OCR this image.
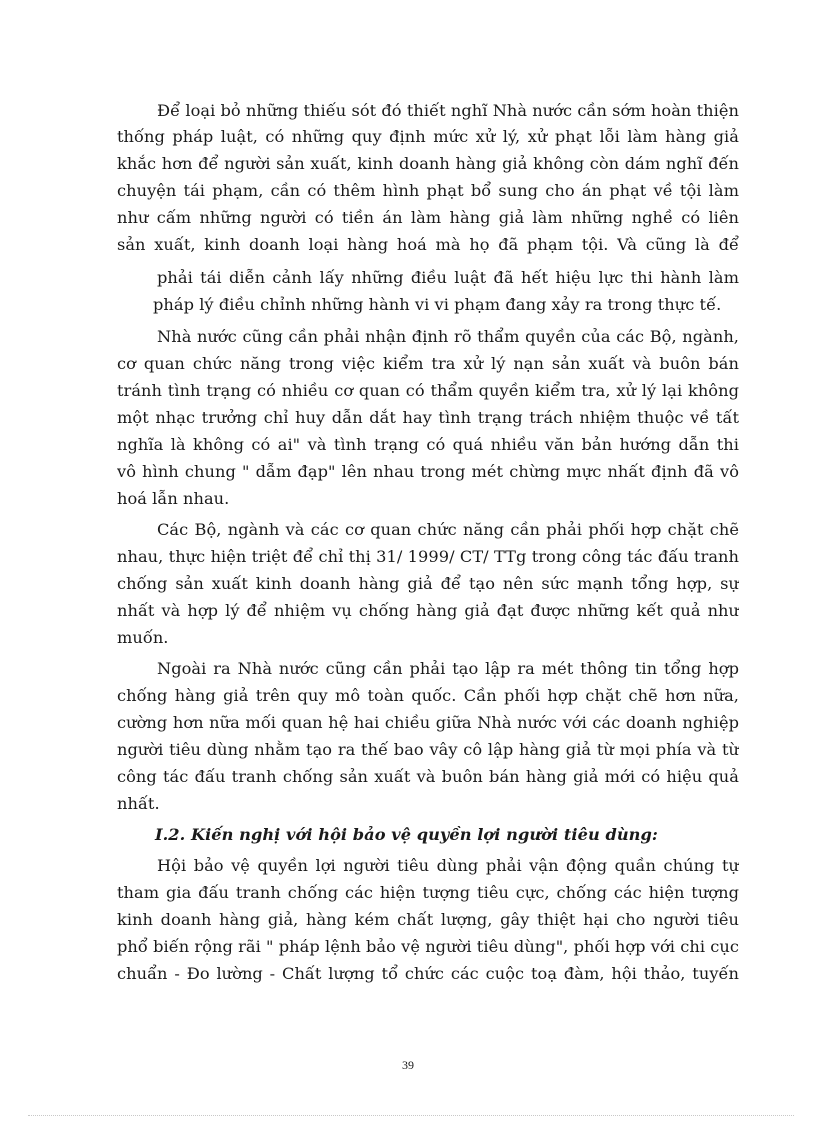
Để loại bỏ những thiếu sót đó thiết nghĩ Nhà nước cần sớm hoàn thiện
thống pháp luật, có những quy định mức xử lý, xử phạt lỗi làm hàng giả
khắc hơn để người sản xuất, kinh doanh hàng giả không còn dám nghĩ đến
chuyện tái phạm, cần có thêm hình phạt bổ sung cho án phạt về tội làm
như cấm những người có tiền án làm hàng giả làm những nghề có liên
sản xuất, kinh doanh loại hàng hoá mà họ đã phạm tội. Và cũng là để
phải tái diễn cảnh lấy những điều luật đã hết hiệu lực thi hành làm
pháp lý điều chỉnh những hành vi vi phạm đang xảy ra trong thực tế.
Nhà nước cũng cần phải nhận định rõ thẩm quyền của các Bộ, ngành,
cơ quan chức năng trong việc kiểm tra xử lý nạn sản xuất và buôn bán
tránh tình trạng có nhiều cơ quan có thẩm quyền kiểm tra, xử lý lại không
một nhạc trưởng chỉ huy dẫn dắt hay tình trạng trách nhiệm thuộc về tất
nghĩa là không có ai" và tình trạng có quá nhiều văn bản hướng dẫn thi
vô hình chung " dẫm đạp" lên nhau trong mét chừng mực nhất định đã vô
hoá lẫn nhau.
Các Bộ, ngành và các cơ quan chức năng cần phải phối hợp chặt chẽ
nhau, thực hiện triệt để chỉ thị 31/ 1999/ CT/ TTg trong công tác đấu tranh
chống sản xuất kinh doanh hàng giả để tạo nên sức mạnh tổng hợp, sự
nhất và hợp lý để nhiệm vụ chống hàng giả đạt được những kết quả như
muốn.
Ngoài ra Nhà nước cũng cần phải tạo lập ra mét thông tin tổng hợp
chống hàng giả trên quy mô toàn quốc. Cần phối hợp chặt chẽ hơn nữa,
cường hơn nữa mối quan hệ hai chiều giữa Nhà nước với các doanh nghiệp
người tiêu dùng nhằm tạo ra thế bao vây cô lập hàng giả từ mọi phía và từ
công tác đấu tranh chống sản xuất và buôn bán hàng giả mới có hiệu quả
nhất.
I.2. Kiến nghị với hội bảo vệ quyền lợi người tiêu dùng:
Hội bảo vệ quyền lợi người tiêu dùng phải vận động quần chúng tự
tham gia đấu tranh chống các hiện tượng tiêu cực, chống các hiện tượng
kinh doanh hàng giả, hàng kém chất lượng, gây thiệt hại cho người tiêu
phổ biến rộng rãi " pháp lệnh bảo vệ người tiêu dùng", phối hợp với chi cục
chuẩn - Đo lường - Chất lượng tổ chức các cuộc toạ đàm, hội thảo, tuyến
39
